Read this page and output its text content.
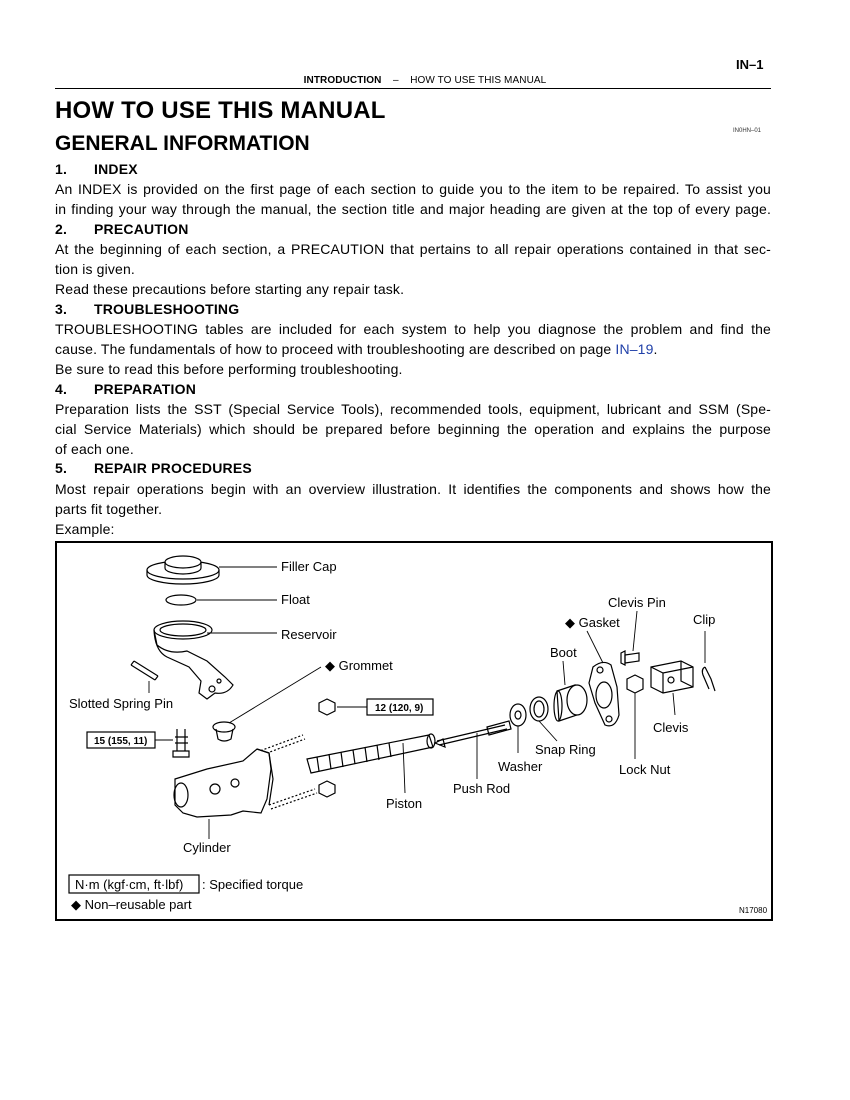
IN–1
INTRODUCTION – HOW TO USE THIS MANUAL
HOW TO USE THIS MANUAL
GENERAL INFORMATION
IN0HN–01
1. INDEX
An INDEX is provided on the first page of each section to guide you to the item to be repaired. To assist you
in finding your way through the manual, the section title and major heading are given at the top of every page.
2. PRECAUTION
At the beginning of each section, a PRECAUTION that pertains to all repair operations contained in that sec-
tion is given.
Read these precautions before starting any repair task.
3. TROUBLESHOOTING
TROUBLESHOOTING tables are included for each system to help you diagnose the problem and find the
cause. The fundamentals of how to proceed with troubleshooting are described on page IN–19.
Be sure to read this before performing troubleshooting.
4. PREPARATION
Preparation lists the SST (Special Service Tools), recommended tools, equipment, lubricant and SSM (Spe-
cial Service Materials) which should be prepared before beginning the operation and explains the purpose
of each one.
5. REPAIR PROCEDURES
Most repair operations begin with an overview illustration. It identifies the components and shows how the
parts fit together.
Example:
Filler Cap
Float
Reservoir
◆ Grommet
Slotted Spring Pin	12 (120, 9)
15 (155, 11)
Cylinder
Piston
Push Rod
Washer
Snap Ring
Boot
◆ Gasket
Clevis Pin
Clip
Clevis
Lock Nut
N·m (kgf·cm, ft·lbf) : Specified torque
◆ Non–reusable part	N17080
